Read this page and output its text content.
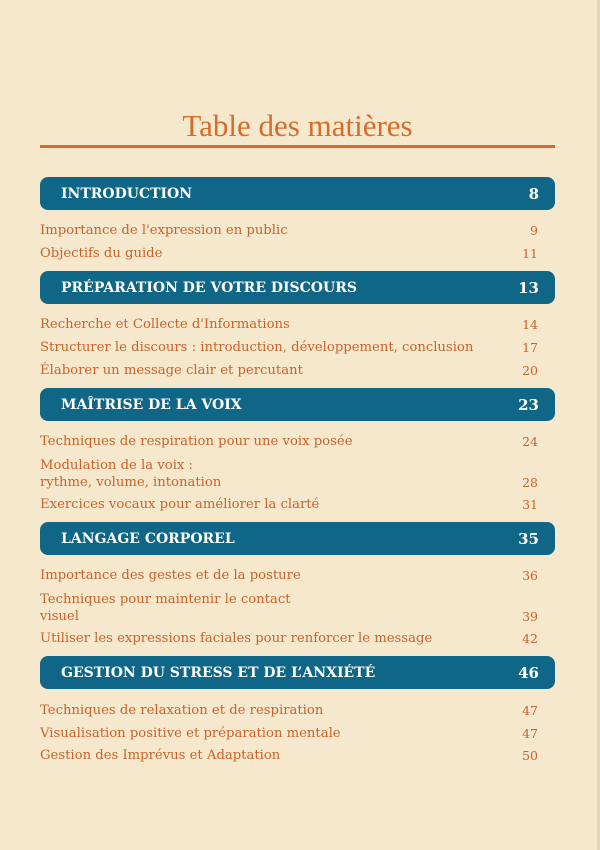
Table des matières
INTRODUCTION	8
Importance de l'expression en public	9
Objectifs du guide	11
PRÉPARATION DE VOTRE DISCOURS	13
Recherche et Collecte d'Informations	14
Structurer le discours : introduction, développement, conclusion	17
Élaborer un message clair et percutant	20
MAÎTRISE DE LA VOIX	23
Techniques de respiration pour une voix posée	24
Modulation de la voix :
rythme, volume, intonation	28
Exercices vocaux pour améliorer la clarté	31
LANGAGE CORPOREL	35
Importance des gestes et de la posture	36
Techniques pour maintenir le contact
visuel	39
Utiliser les expressions faciales pour renforcer le message	42
GESTION DU STRESS ET DE L’ANXIÉTÉ	46
Techniques de relaxation et de respiration	47
Visualisation positive et préparation mentale	47
Gestion des Imprévus et Adaptation	50
